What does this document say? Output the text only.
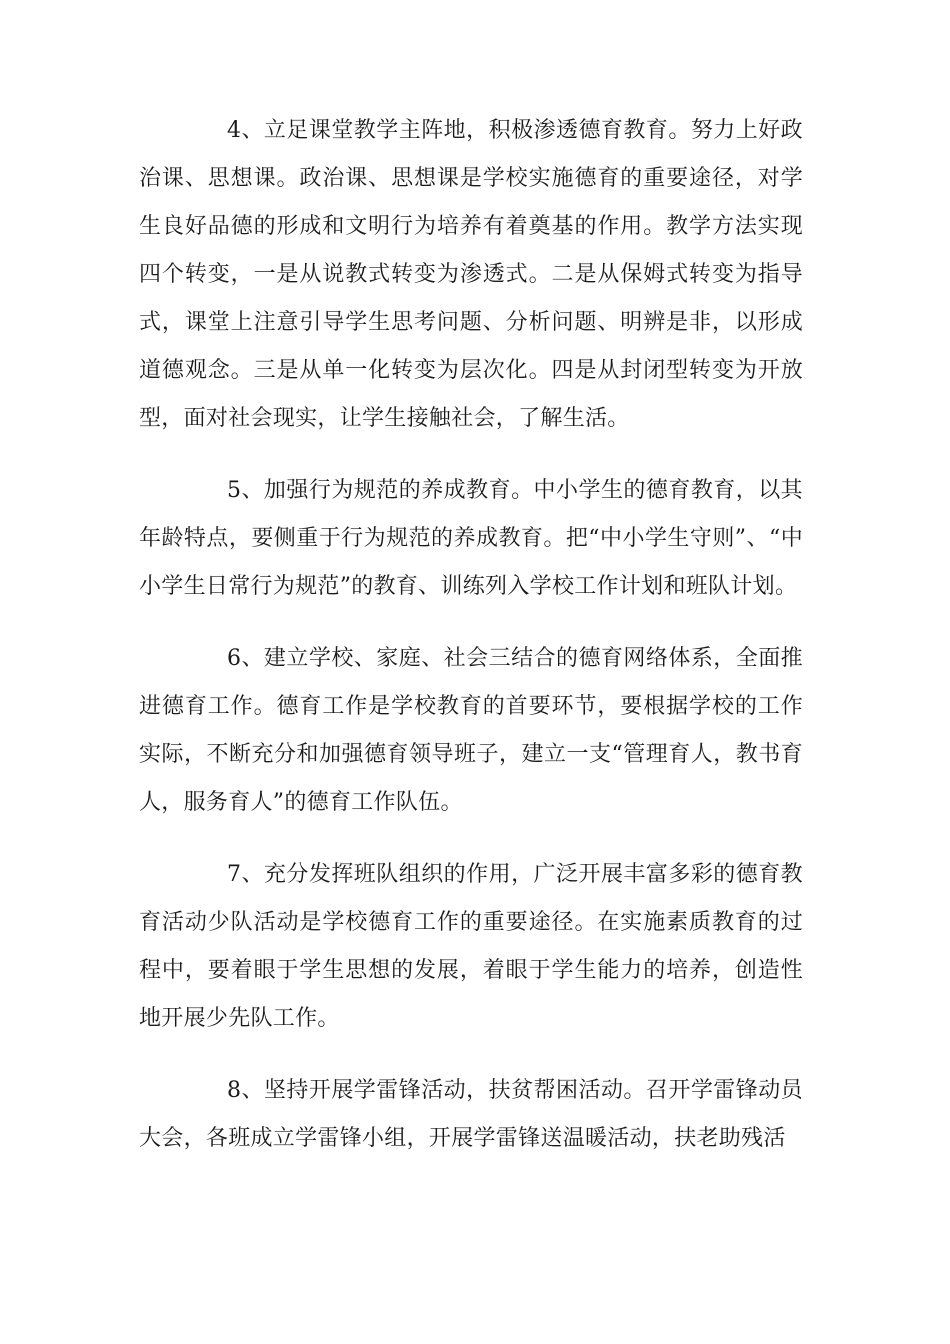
4、立足课堂教学主阵地，积极渗透德育教育。努力上好政治课、思想课。政治课、思想课是学校实施德育的重要途径，对学生良好品德的形成和文明行为培养有着奠基的作用。教学方法实现四个转变，一是从说教式转变为渗透式。二是从保姆式转变为指导式，课堂上注意引导学生思考问题、分析问题、明辨是非，以形成道德观念。三是从单一化转变为层次化。四是从封闭型转变为开放型，面对社会现实，让学生接触社会，了解生活。

5、加强行为规范的养成教育。中小学生的德育教育，以其年龄特点，要侧重于行为规范的养成教育。把“中小学生守则”、“中小学生日常行为规范”的教育、训练列入学校工作计划和班队计划。

6、建立学校、家庭、社会三结合的德育网络体系，全面推进德育工作。德育工作是学校教育的首要环节，要根据学校的工作实际，不断充分和加强德育领导班子，建立一支“管理育人，教书育人，服务育人”的德育工作队伍。

7、充分发挥班队组织的作用，广泛开展丰富多彩的德育教育活动少队活动是学校德育工作的重要途径。在实施素质教育的过程中，要着眼于学生思想的发展，着眼于学生能力的培养，创造性地开展少先队工作。

8、坚持开展学雷锋活动，扶贫帮困活动。召开学雷锋动员大会，各班成立学雷锋小组，开展学雷锋送温暖活动，扶老助残活
